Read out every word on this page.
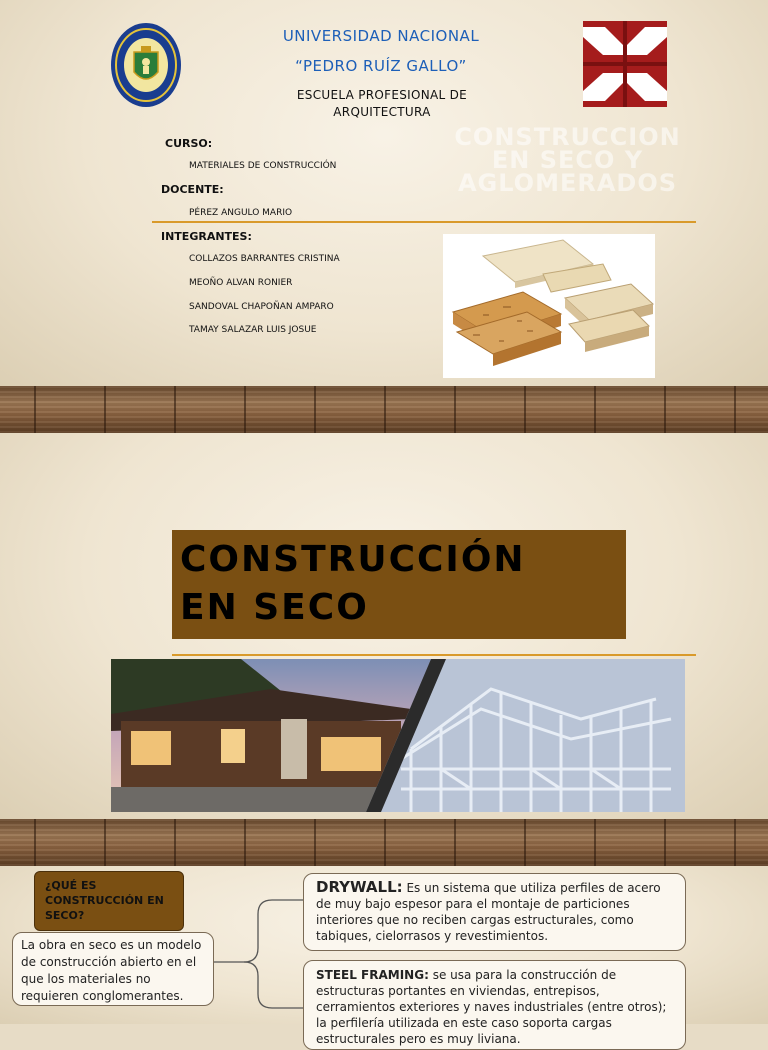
UNIVERSIDAD NACIONAL
“PEDRO RUÍZ GALLO”
ESCUELA PROFESIONAL DE
ARQUITECTURA
CONSTRUCCION
EN SECO Y
AGLOMERADOS
CURSO:
MATERIALES DE CONSTRUCCIÓN
DOCENTE:
PÉREZ ANGULO MARIO
INTEGRANTES:
COLLAZOS BARRANTES CRISTINA
MEOÑO ALVAN RONIER
SANDOVAL CHAPOÑAN AMPARO
TAMAY SALAZAR LUIS JOSUE
CONSTRUCCIÓN
EN SECO
¿QUÉ ES CONSTRUCCIÓN EN SECO?
La obra en seco es un modelo de construcción abierto en el que los materiales no requieren conglomerantes.
DRYWALL: Es un sistema que utiliza perfiles de acero de muy bajo espesor para el montaje de particiones interiores que no reciben cargas estructurales, como tabiques, cielorrasos y revestimientos.
STEEL FRAMING: se usa para la construcción de estructuras portantes en viviendas, entrepisos, cerramientos exteriores y naves industriales (entre otros); la perfilería utilizada en este caso soporta cargas estructurales pero es muy liviana.
